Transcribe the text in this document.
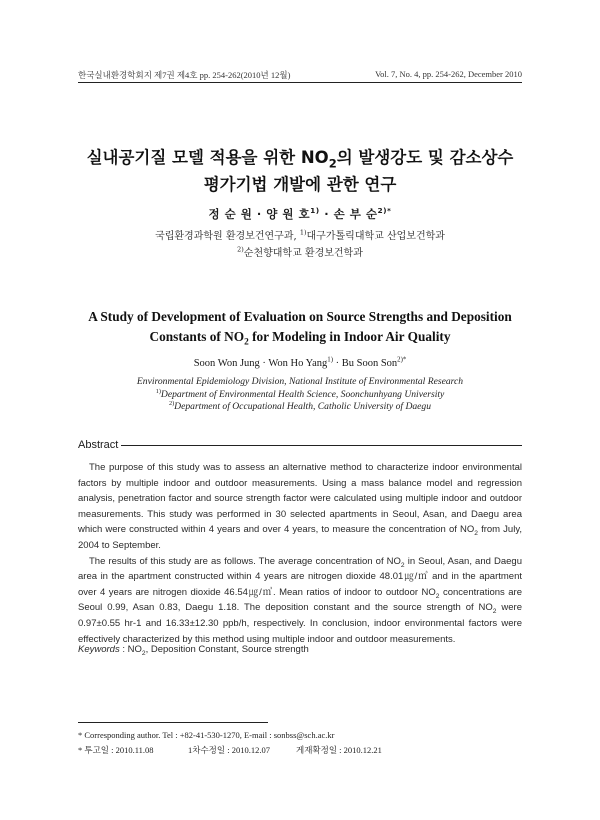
한국실내환경학회지 제7권 제4호 pp. 254-262(2010년 12월)	Vol. 7, No. 4, pp. 254-262, December 2010
실내공기질 모델 적용을 위한 $NO_2$의 발생강도 및 감소상수
평가기법 개발에 관한 연구
정 순 원 · 양 원 호$^{1)}$ · 손 부 순$^{2)*}$
국립환경과학원 환경보건연구과, $^{1)}$대구가톨릭대학교 산업보건학과
$^{2)}$순천향대학교 환경보건학과
A Study of Development of Evaluation on Source Strengths and Deposition
Constants of $NO_2$ for Modeling in Indoor Air Quality
Soon Won Jung · Won Ho Yang$^{1)}$ · Bu Soon Son$^{2)*}$
Environmental Epidemiology Division, National Institute of Environmental Research
$^{1)}$Department of Environmental Health Science, Soonchunhyang University
$^{2)}$Department of Occupational Health, Catholic University of Daegu
Abstract

The purpose of this study was to assess an alternative method to characterize indoor environmental factors by multiple indoor and outdoor measurements. Using a mass balance model and regression analysis, penetration factor and source strength factor were calculated using multiple indoor and outdoor measurements. This study was performed in 30 selected apartments in Seoul, Asan, and Daegu area which were constructed within 4 years and over 4 years, to measure the concentration of $NO_2$ from July, 2004 to September.

The results of this study are as follows. The average concentration of $NO_2$ in Seoul, Asan, and Daegu area in the apartment constructed within 4 years are nitrogen dioxide 48.01㎍/㎥ and in the apartment over 4 years are nitrogen dioxide 46.54㎍/㎥. Mean ratios of indoor to outdoor $NO_2$ concentrations are Seoul 0.99, Asan 0.83, Daegu 1.18. The deposition constant and the source strength of $NO_2$ were 0.97±0.55 hr-1 and 16.33±12.30 ppb/h, respectively. In conclusion, indoor environmental factors were effectively characterized by this method using multiple indoor and outdoor measurements.

Keywords : $NO_2$, Deposition Constant, Source strength
* Corresponding author. Tel : +82-41-530-1270, E-mail : sonbss@sch.ac.kr
* 투고일 : 2010.11.08	1차수정일 : 2010.12.07	게재확정일 : 2010.12.21
